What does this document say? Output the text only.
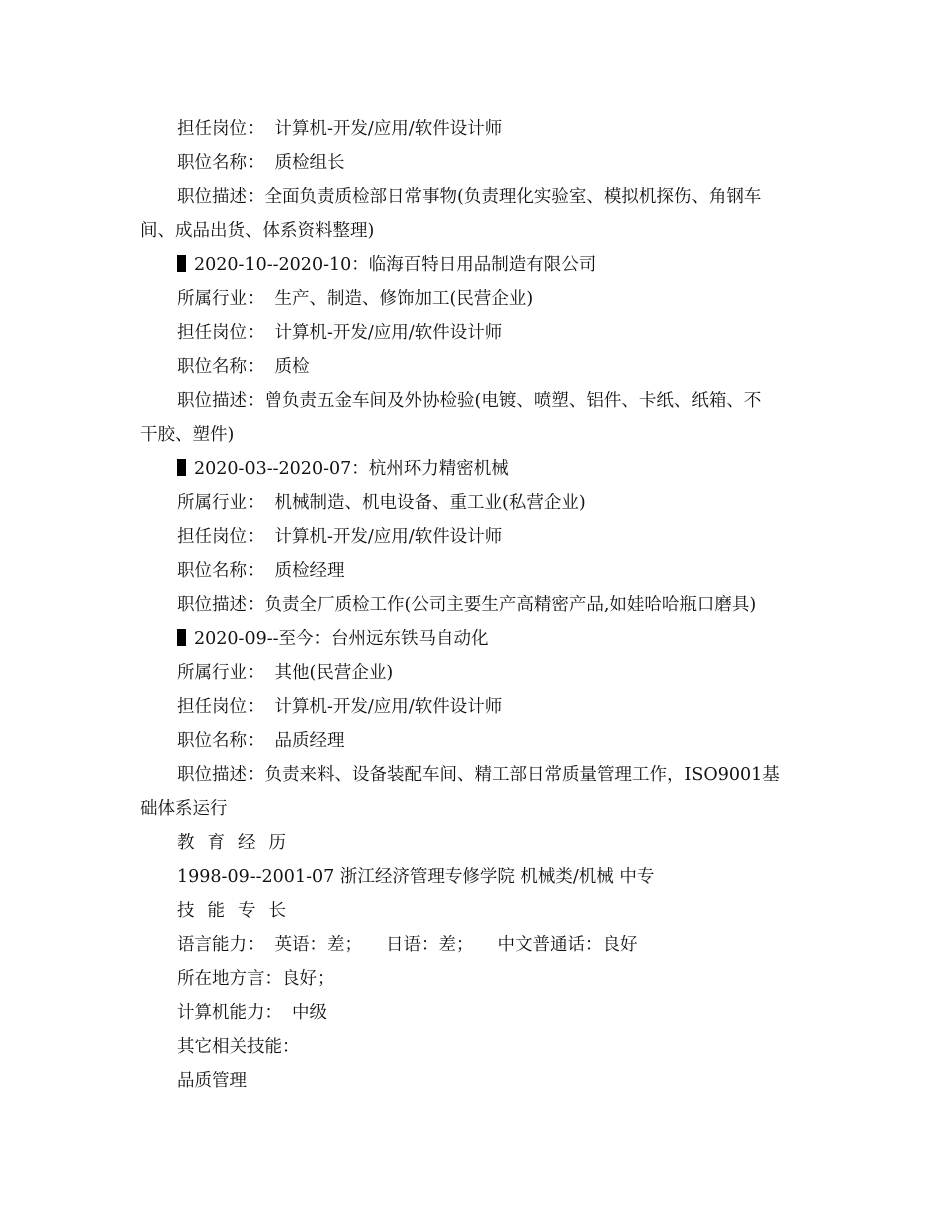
担任岗位： 计算机-开发/应用/软件设计师
职位名称： 质检组长
职位描述：全面负责质检部日常事物(负责理化实验室、模拟机探伤、角钢车
间、成品出货、体系资料整理)
2020-10--2020-10：临海百特日用品制造有限公司
所属行业： 生产、制造、修饰加工(民营企业)
担任岗位： 计算机-开发/应用/软件设计师
职位名称： 质检
职位描述：曾负责五金车间及外协检验(电镀、喷塑、铝件、卡纸、纸箱、不
干胶、塑件)
2020-03--2020-07：杭州环力精密机械
所属行业： 机械制造、机电设备、重工业(私营企业)
担任岗位： 计算机-开发/应用/软件设计师
职位名称： 质检经理
职位描述：负责全厂质检工作(公司主要生产高精密产品,如娃哈哈瓶口磨具)
2020-09--至今：台州远东铁马自动化
所属行业： 其他(民营企业)
担任岗位： 计算机-开发/应用/软件设计师
职位名称： 品质经理
职位描述：负责来料、设备装配车间、精工部日常质量管理工作，ISO9001基
础体系运行
教育经历
1998-09--2001-07 浙江经济管理专修学院 机械类/机械 中专
技能专长
语言能力： 英语：差； 日语：差； 中文普通话：良好
所在地方言：良好；
计算机能力： 中级
其它相关技能：
品质管理
